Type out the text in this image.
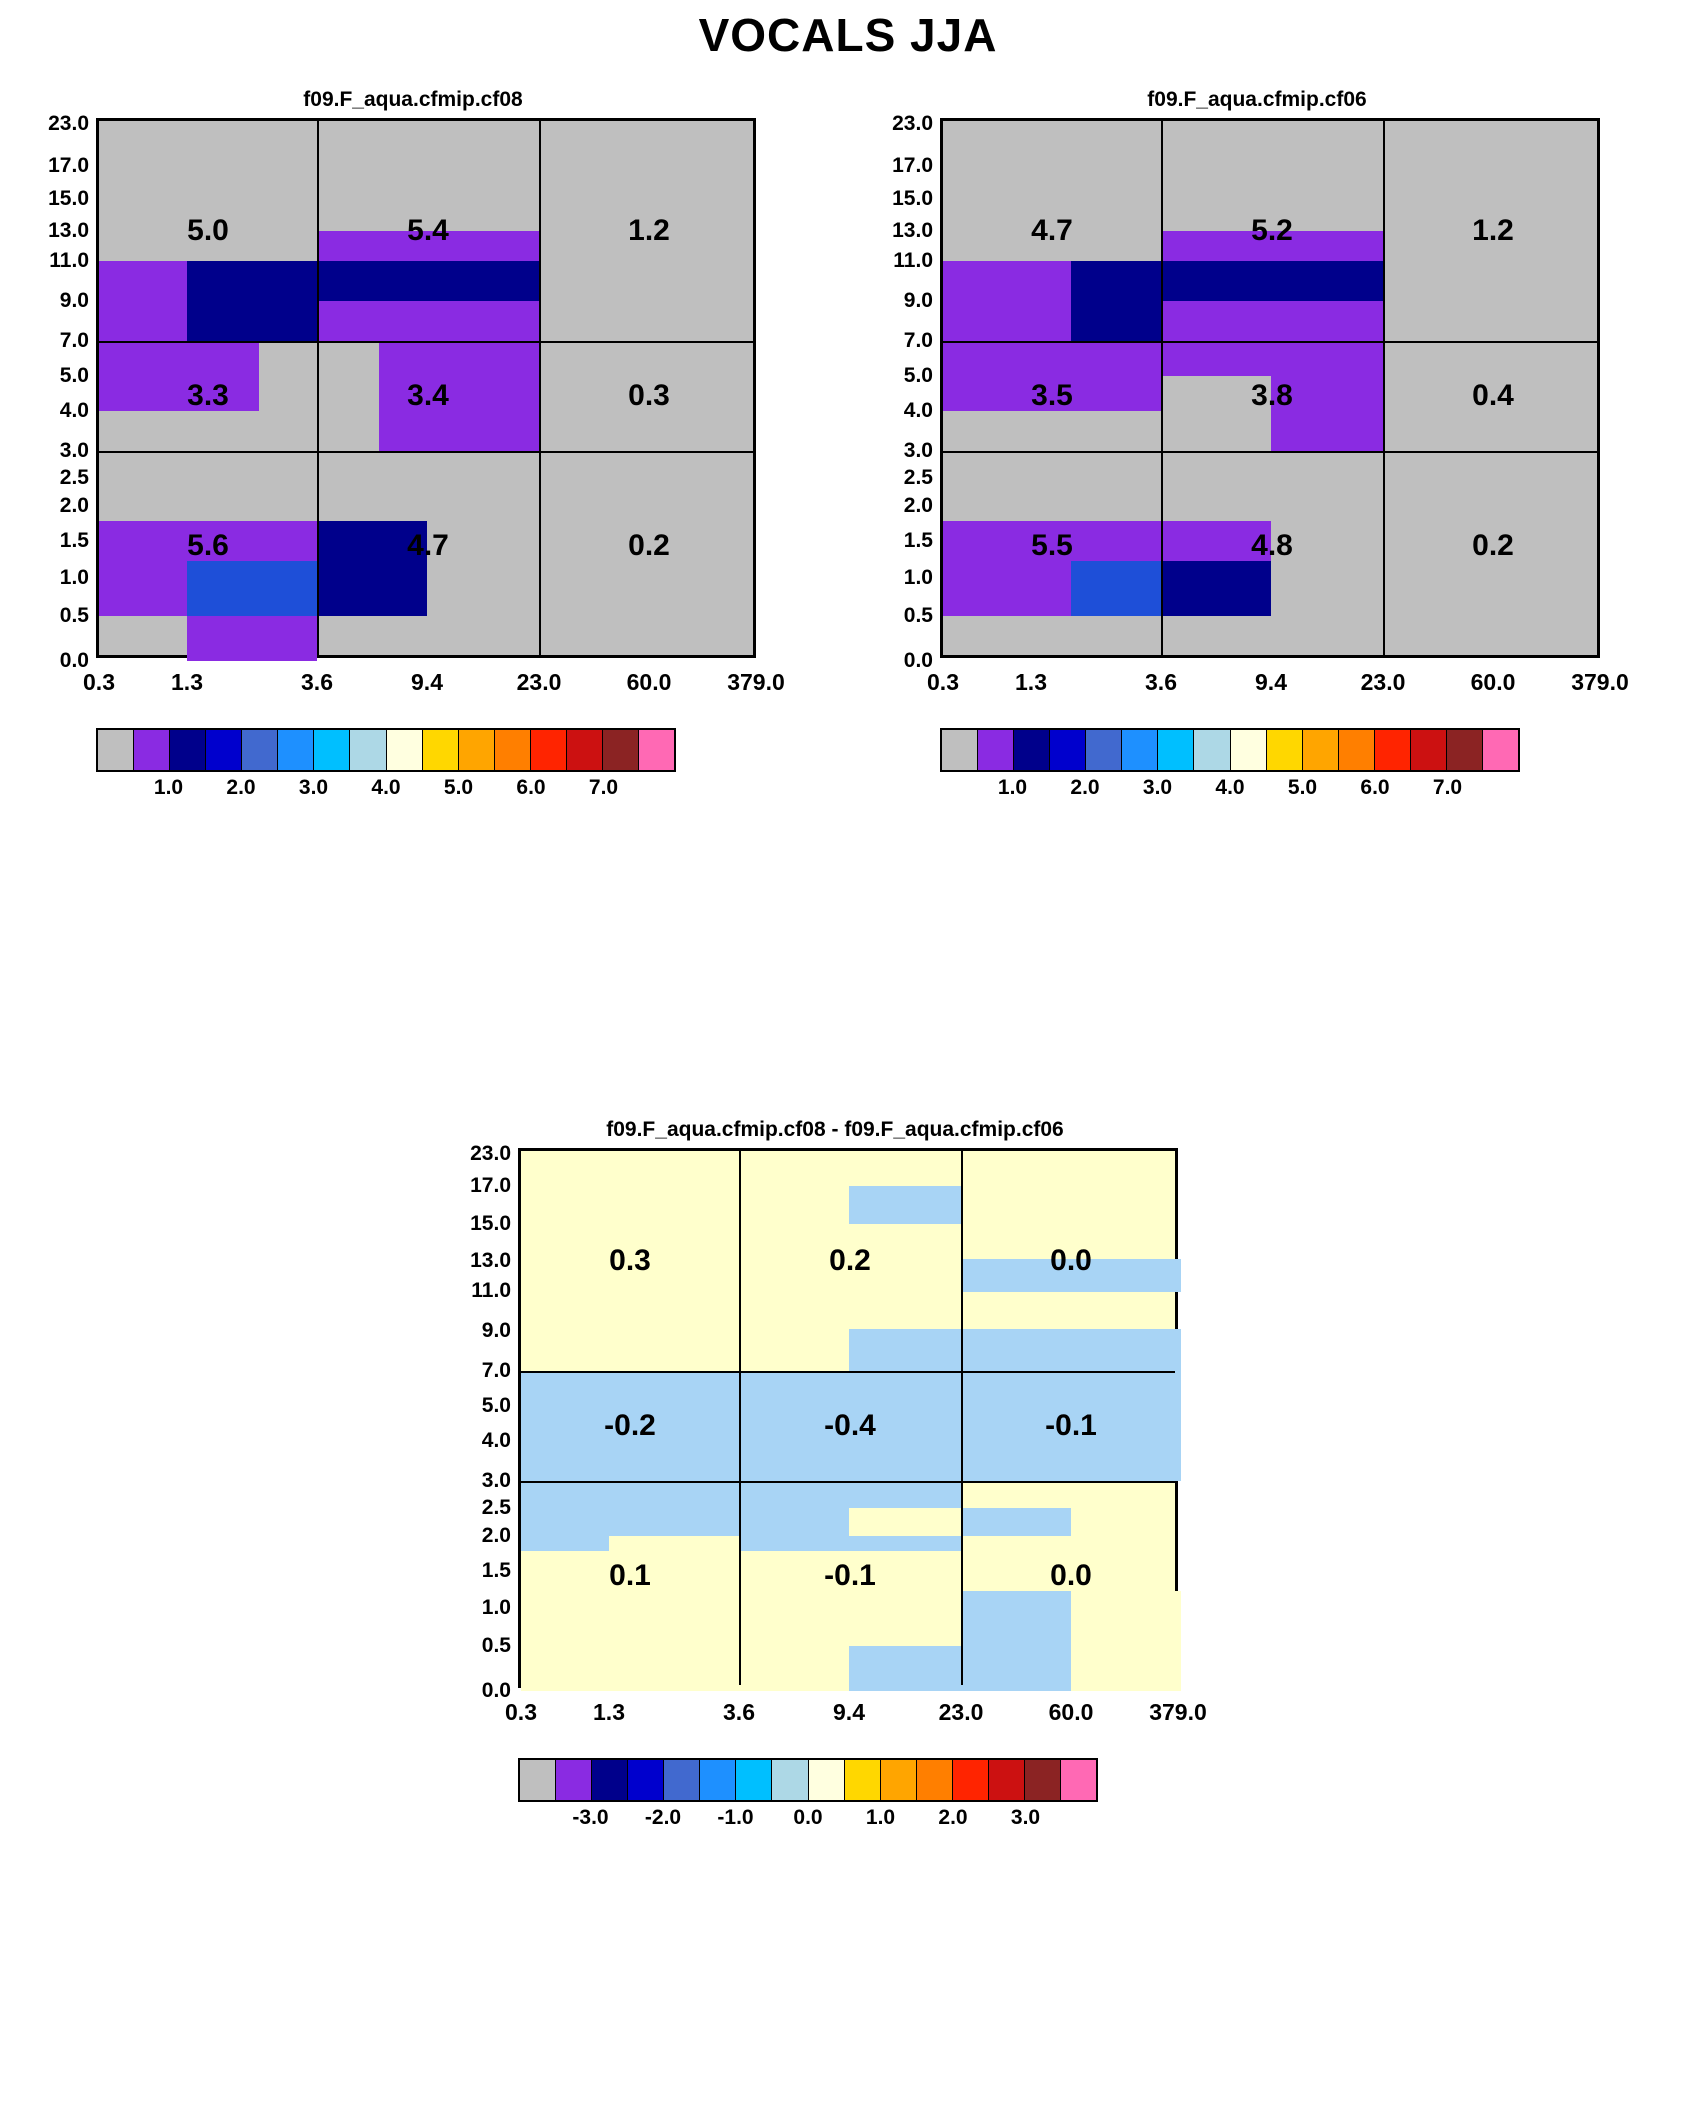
VOCALS JJA
f09.F_aqua.cfmip.cf08
5.0	5.4	1.2
3.3	3.4	0.3
5.6	4.7	0.2
0.0
0.5
1.0
1.5
2.0
2.5
3.0
4.0
5.0
7.0
9.0
11.0
13.0
15.0
17.0
23.0
0.3 1.3	3.6	9.4	23.0	60.0 379.0
1.0 2.0 3.0 4.0 5.0 6.0 7.0
f09.F_aqua.cfmip.cf06
4.7	5.2	1.2
3.5	3.8	0.4
5.5	4.8	0.2
0.0
0.5
1.0
1.5
2.0
2.5
3.0
4.0
5.0
7.0
9.0
11.0
13.0
15.0
17.0
23.0
0.3 1.3	3.6	9.4	23.0	60.0 379.0
1.0 2.0 3.0 4.0 5.0 6.0 7.0
f09.F_aqua.cfmip.cf08 - f09.F_aqua.cfmip.cf06
0.3	0.2	0.0
-0.2	-0.4	-0.1
0.1	-0.1	0.0
0.0
0.5
1.0
1.5
2.0
2.5
3.0
4.0
5.0
7.0
9.0
11.0
13.0
15.0
17.0
23.0
0.3 1.3	3.6	9.4	23.0	60.0 379.0
-3.0 -2.0 -1.0 0.0 1.0 2.0 3.0
